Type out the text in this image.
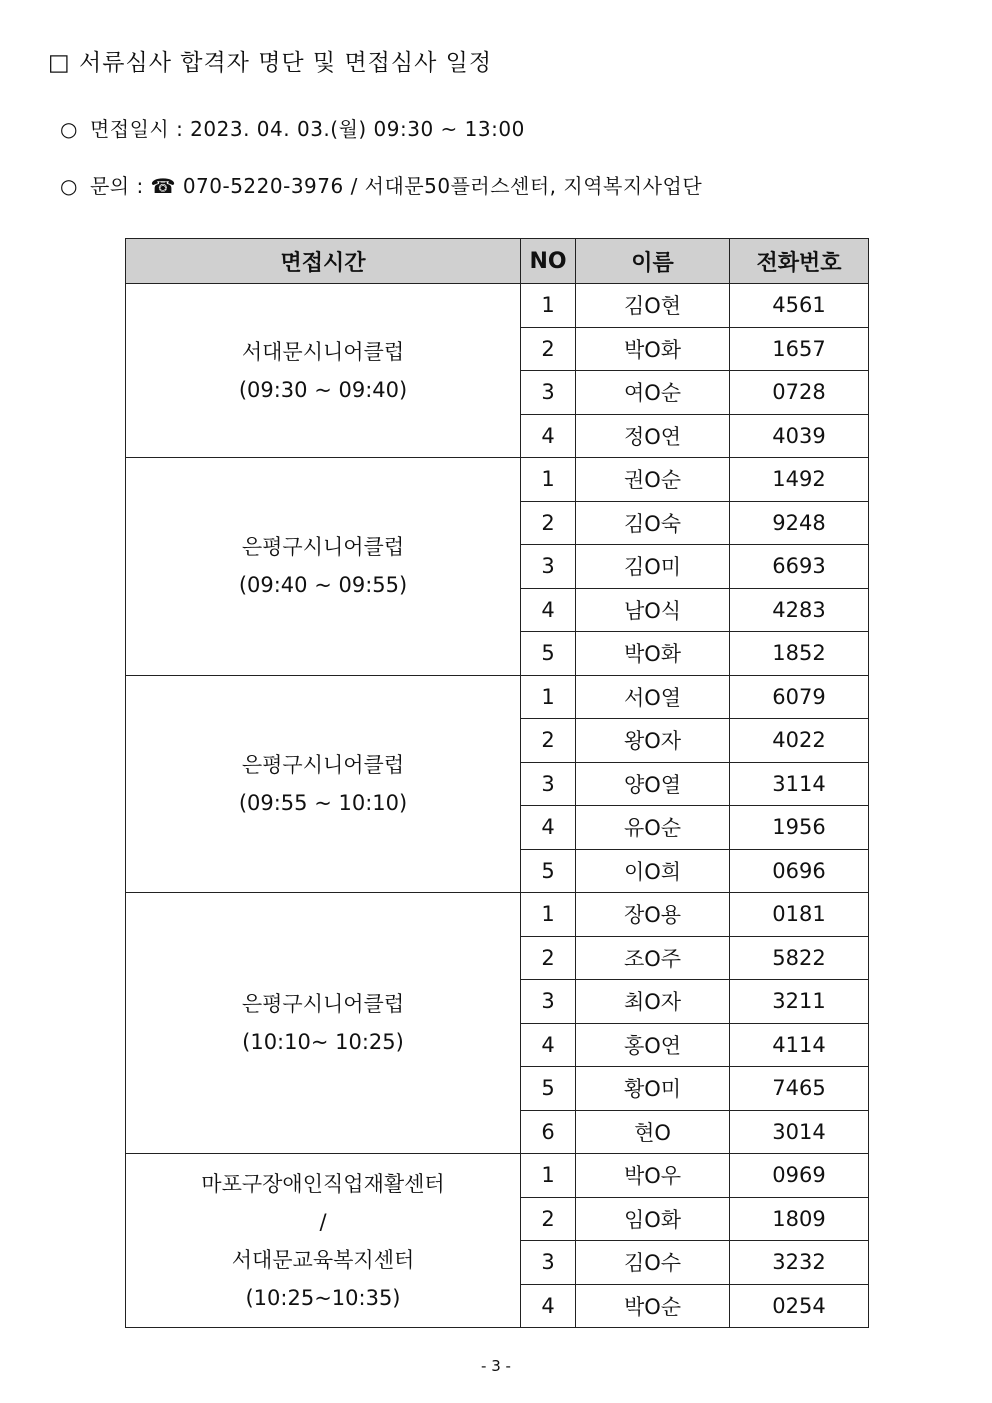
□ 서류심사 합격자 명단 및 면접심사 일정
○ 면접일시 : 2023. 04. 03.(월) 09:30 ~ 13:00
○ 문의 : ☎ 070-5220-3976 / 서대문50플러스센터, 지역복지사업단
면접시간	NO	이름	전화번호

서대문시니어클럽
(09:30 ~ 09:40)	1	김O현	4561
	2	박O화	1657
	3	여O순	0728
	4	정O연	4039

은평구시니어클럽
(09:40 ~ 09:55)	1	권O순	1492
	2	김O숙	9248
	3	김O미	6693
	4	남O식	4283
	5	박O화	1852

은평구시니어클럽
(09:55 ~ 10:10)	1	서O열	6079
	2	왕O자	4022
	3	양O열	3114
	4	유O순	1956
	5	이O희	0696

은평구시니어클럽
(10:10~ 10:25)	1	장O용	0181
	2	조O주	5822
	3	최O자	3211
	4	홍O연	4114
	5	황O미	7465
	6	현O	3014

마포구장애인직업재활센터
/
서대문교육복지센터
(10:25~10:35)	1	박O우	0969
	2	임O화	1809
	3	김O수	3232
	4	박O순	0254
- 3 -
